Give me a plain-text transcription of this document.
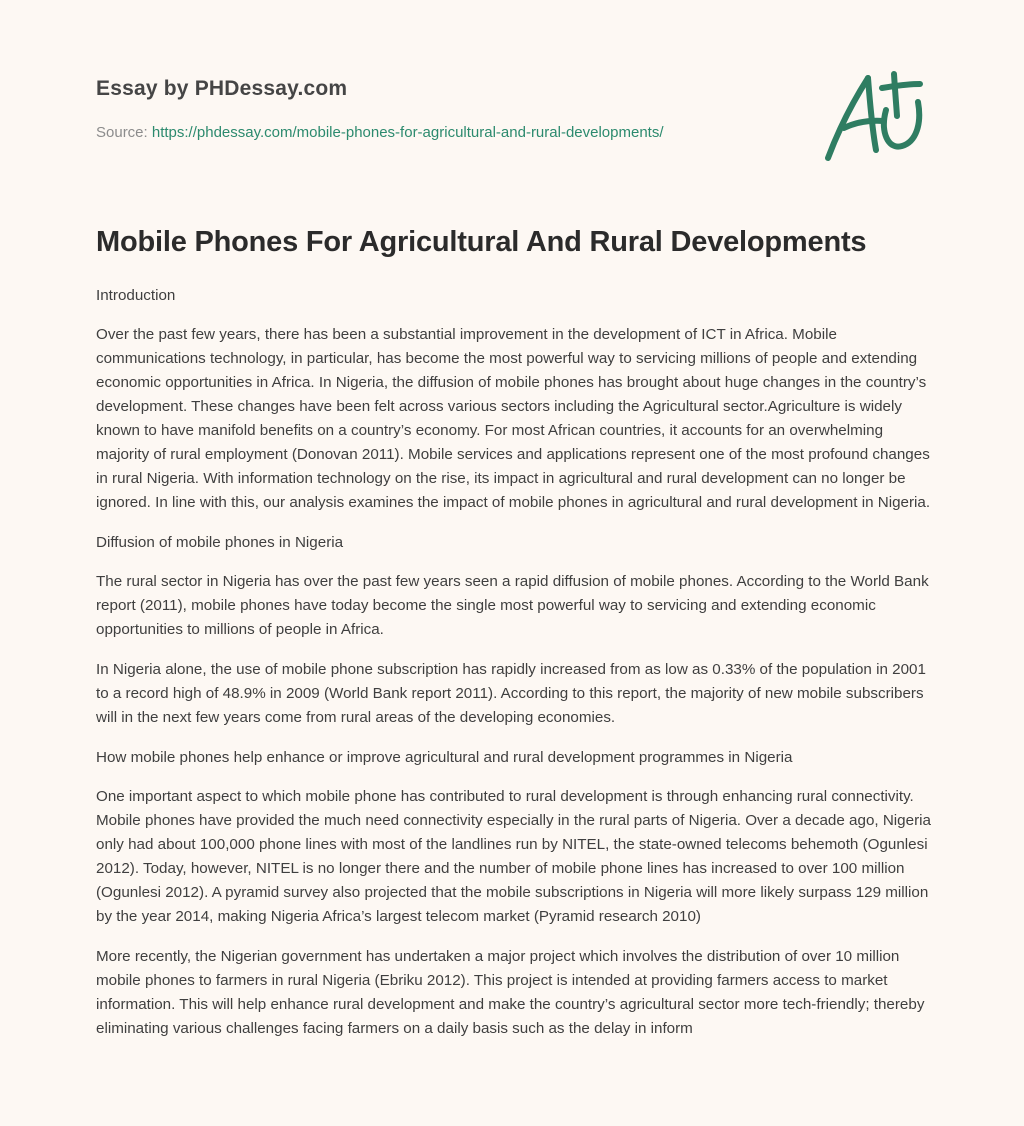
Essay by PHDessay.com
Source: https://phdessay.com/mobile-phones-for-agricultural-and-rural-developments/
Mobile Phones For Agricultural And Rural Developments

Introduction

Over the past few years, there has been a substantial improvement in the development of ICT in Africa. Mobile communications technology, in particular, has become the most powerful way to servicing millions of people and extending economic opportunities in Africa. In Nigeria, the diffusion of mobile phones has brought about huge changes in the country’s development. These changes have been felt across various sectors including the Agricultural sector.Agriculture is widely known to have manifold benefits on a country’s economy. For most African countries, it accounts for an overwhelming majority of rural employment (Donovan 2011). Mobile services and applications represent one of the most profound changes in rural Nigeria. With information technology on the rise, its impact in agricultural and rural development can no longer be ignored. In line with this, our analysis examines the impact of mobile phones in agricultural and rural development in Nigeria.

Diffusion of mobile phones in Nigeria

The rural sector in Nigeria has over the past few years seen a rapid diffusion of mobile phones. According to the World Bank report (2011), mobile phones have today become the single most powerful way to servicing and extending economic opportunities to millions of people in Africa.

In Nigeria alone, the use of mobile phone subscription has rapidly increased from as low as 0.33% of the population in 2001 to a record high of 48.9% in 2009 (World Bank report 2011). According to this report, the majority of new mobile subscribers will in the next few years come from rural areas of the developing economies.

How mobile phones help enhance or improve agricultural and rural development programmes in Nigeria

One important aspect to which mobile phone has contributed to rural development is through enhancing rural connectivity. Mobile phones have provided the much need connectivity especially in the rural parts of Nigeria. Over a decade ago, Nigeria only had about 100,000 phone lines with most of the landlines run by NITEL, the state-owned telecoms behemoth (Ogunlesi 2012). Today, however, NITEL is no longer there and the number of mobile phone lines has increased to over 100 million (Ogunlesi 2012). A pyramid survey also projected that the mobile subscriptions in Nigeria will more likely surpass 129 million by the year 2014, making Nigeria Africa’s largest telecom market (Pyramid research 2010)

More recently, the Nigerian government has undertaken a major project which involves the distribution of over 10 million mobile phones to farmers in rural Nigeria (Ebriku 2012). This project is intended at providing farmers access to market information. This will help enhance rural development and make the country’s agricultural sector more tech-friendly; thereby eliminating various challenges facing farmers on a daily basis such as the delay in inform
